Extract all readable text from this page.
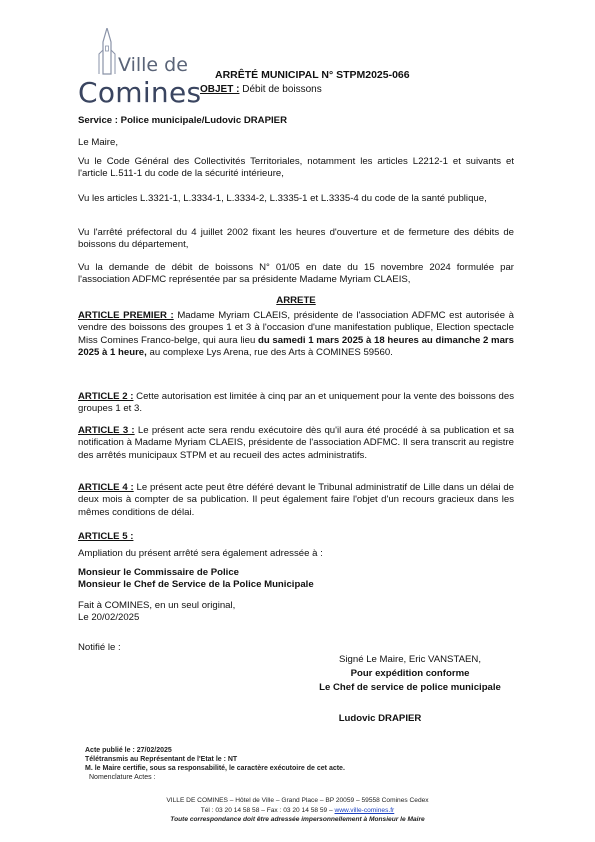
Ville de
Comines
ARRÊTÉ MUNICIPAL N° STPM2025-066
OBJET : Débit de boissons
Service : Police municipale/Ludovic DRAPIER
Le Maire,
Vu le Code Général des Collectivités Territoriales, notamment les articles L2212-1 et suivants et l'article L.511-1 du code de la sécurité intérieure,
Vu les articles L.3321-1, L.3334-1, L.3334-2, L.3335-1 et L.3335-4 du code de la santé publique,
Vu l'arrêté préfectoral du 4 juillet 2002 fixant les heures d'ouverture et de fermeture des débits de boissons du département,
Vu la demande de débit de boissons N° 01/05 en date du 15 novembre 2024 formulée par l'association ADFMC représentée par sa présidente Madame Myriam CLAEIS,
ARRETE
ARTICLE PREMIER : Madame Myriam CLAEIS, présidente de l'association ADFMC est autorisée à vendre des boissons des groupes 1 et 3 à l'occasion d'une manifestation publique, Election spectacle Miss Comines Franco-belge, qui aura lieu du samedi 1 mars 2025 à 18 heures au dimanche 2 mars 2025 à 1 heure, au complexe Lys Arena, rue des Arts à COMINES 59560.
ARTICLE 2 : Cette autorisation est limitée à cinq par an et uniquement pour la vente des boissons des groupes 1 et 3.
ARTICLE 3 : Le présent acte sera rendu exécutoire dès qu'il aura été procédé à sa publication et sa notification à Madame Myriam CLAEIS, présidente de l'association ADFMC. Il sera transcrit au registre des arrêtés municipaux STPM et au recueil des actes administratifs.
ARTICLE 4 : Le présent acte peut être déféré devant le Tribunal administratif de Lille dans un délai de deux mois à compter de sa publication. Il peut également faire l'objet d'un recours gracieux dans les mêmes conditions de délai.
ARTICLE 5 :
Ampliation du présent arrêté sera également adressée à :
Monsieur le Commissaire de Police
Monsieur le Chef de Service de la Police Municipale
Fait à COMINES, en un seul original,
Le 20/02/2025
Notifié le :
Signé Le Maire, Eric VANSTAEN,
Pour expédition conforme
Le Chef de service de police municipale
Ludovic DRAPIER
Acte publié le : 27/02/2025
Télétransmis au Représentant de l'Etat le : NT
M. le Maire certifie, sous sa responsabilité, le caractère exécutoire de cet acte.
Nomenclature Actes :
VILLE DE COMINES – Hôtel de Ville – Grand Place – BP 20059 – 59558 Comines Cedex
Tél : 03 20 14 58 58 – Fax : 03 20 14 58 59 – www.ville-comines.fr
Toute correspondance doit être adressée impersonnellement à Monsieur le Maire
